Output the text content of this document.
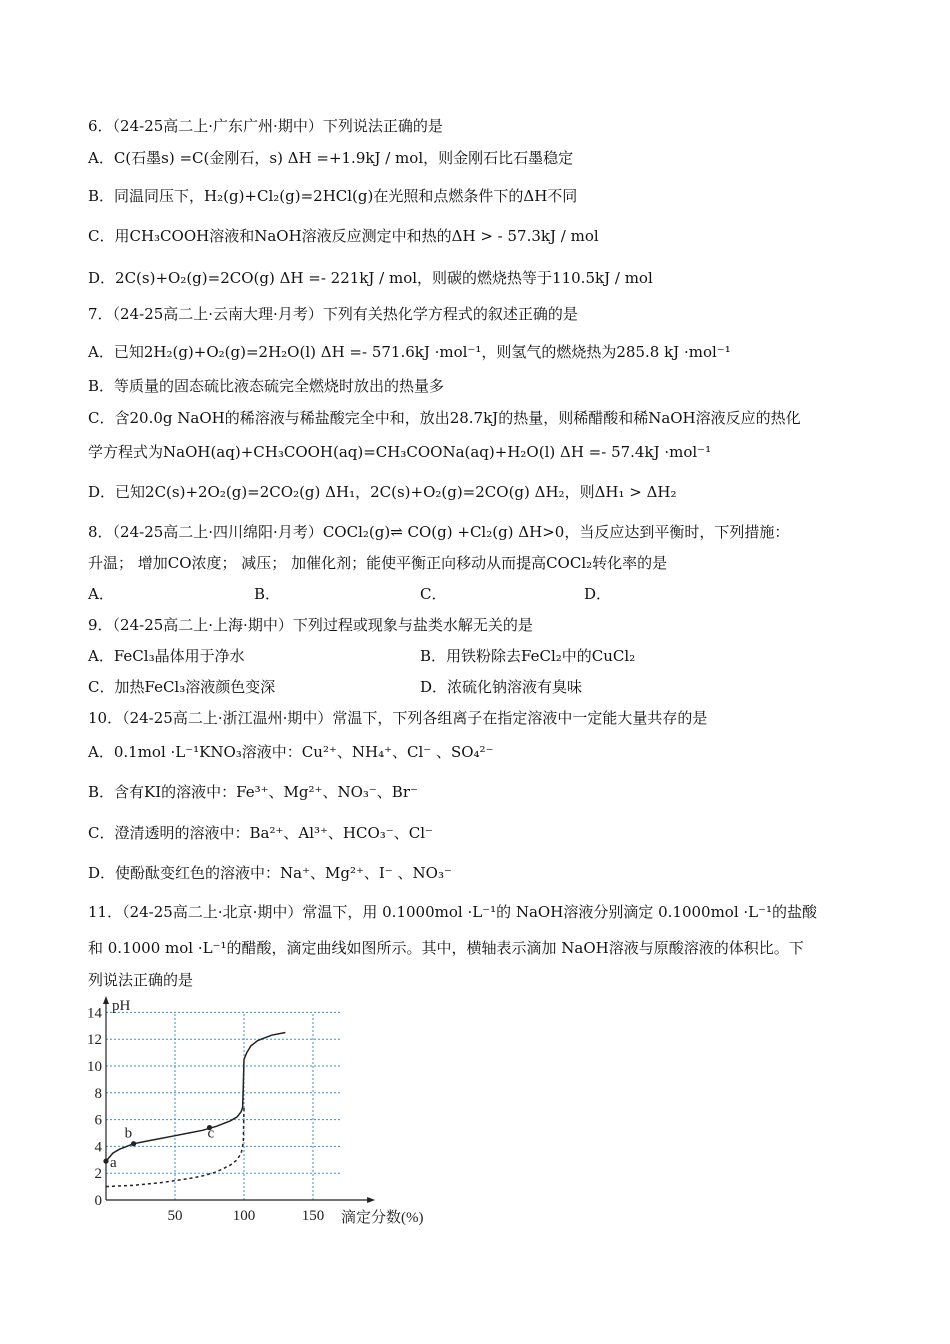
6．（24-25高二上·广东广州·期中）下列说法正确的是
A．C(石墨s) =C(金刚石，s) ΔH =+1.9kJ / mol，则金刚石比石墨稳定
B．同温同压下，H₂(g)+Cl₂(g)=2HCl(g)在光照和点燃条件下的ΔH不同
C．用CH₃COOH溶液和NaOH溶液反应测定中和热的ΔH > - 57.3kJ / mol
D．2C(s)+O₂(g)=2CO(g) ΔH =- 221kJ / mol，则碳的燃烧热等于110.5kJ / mol
7．（24-25高二上·云南大理·月考）下列有关热化学方程式的叙述正确的是
A．已知2H₂(g)+O₂(g)=2H₂O(l) ΔH =- 571.6kJ ·mol⁻¹，则氢气的燃烧热为285.8 kJ ·mol⁻¹
B．等质量的固态硫比液态硫完全燃烧时放出的热量多
C．含20.0g NaOH的稀溶液与稀盐酸完全中和，放出28.7kJ的热量，则稀醋酸和稀NaOH溶液反应的热化
学方程式为NaOH(aq)+CH₃COOH(aq)=CH₃COONa(aq)+H₂O(l) ΔH =- 57.4kJ ·mol⁻¹
D．已知2C(s)+2O₂(g)=2CO₂(g) ΔH₁，2C(s)+O₂(g)=2CO(g) ΔH₂，则ΔH₁ > ΔH₂
8．（24-25高二上·四川绵阳·月考）COCl₂(g)⇌ CO(g) +Cl₂(g) ΔH>0，当反应达到平衡时，下列措施：
升温； 增加CO浓度； 减压； 加催化剂；能使平衡正向移动从而提高COCl₂转化率的是
A．	B．	C．	D．
9．（24-25高二上·上海·期中）下列过程或现象与盐类水解无关的是
A．FeCl₃晶体用于净水	B．用铁粉除去FeCl₂中的CuCl₂
C．加热FeCl₃溶液颜色变深	D．浓硫化钠溶液有臭味
10．（24-25高二上·浙江温州·期中）常温下，下列各组离子在指定溶液中一定能大量共存的是
A．0.1mol ·L⁻¹KNO₃溶液中：Cu²⁺、NH₄⁺、Cl⁻ 、SO₄²⁻
B．含有KI的溶液中：Fe³⁺、Mg²⁺、NO₃⁻、Br⁻
C．澄清透明的溶液中：Ba²⁺、Al³⁺、HCO₃⁻、Cl⁻
D．使酚酞变红色的溶液中：Na⁺、Mg²⁺、I⁻ 、NO₃⁻
11．（24-25高二上·北京·期中）常温下，用 0.1000mol ·L⁻¹的 NaOH溶液分别滴定 0.1000mol ·L⁻¹的盐酸
和 0.1000 mol ·L⁻¹的醋酸，滴定曲线如图所示。其中，横轴表示滴加 NaOH溶液与原酸溶液的体积比。下
列说法正确的是
0
2
4
6
8
10
12
14
50	100	150
pH
滴定分数(%)
a
b	c
